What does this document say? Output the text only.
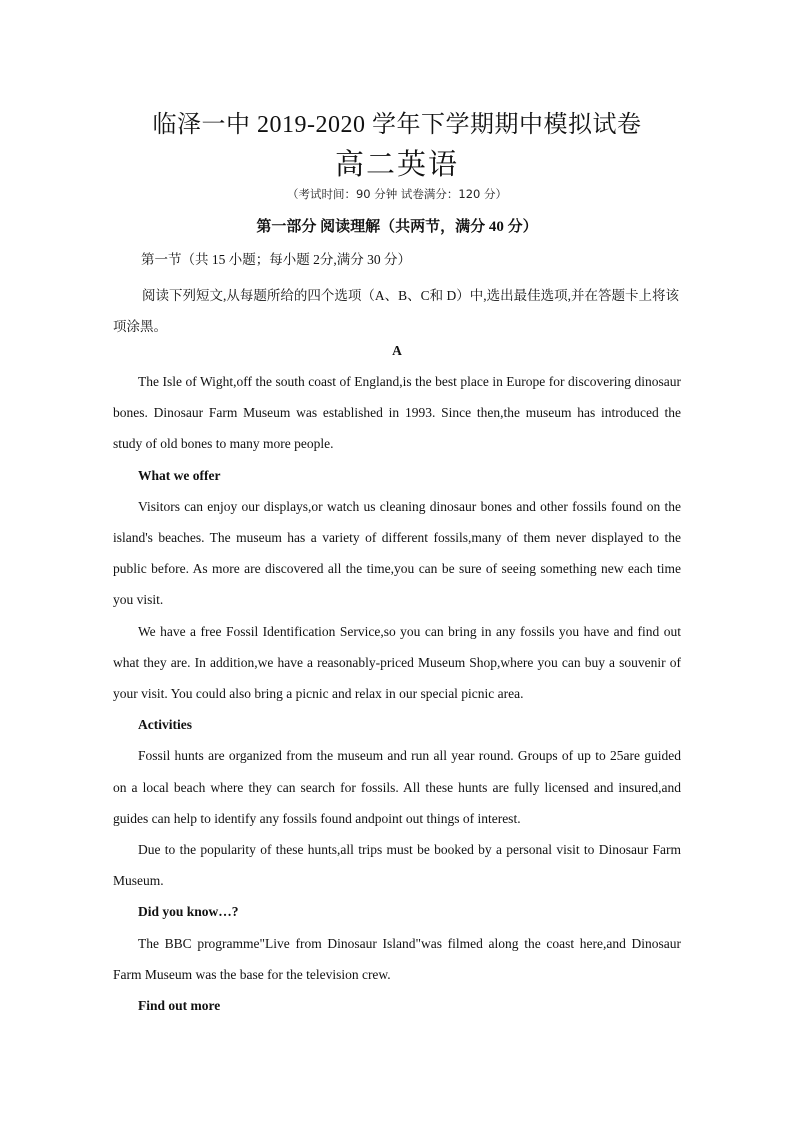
临泽一中 2019-2020 学年下学期期中模拟试卷
高二英语
（考试时间：90 分钟 试卷满分：120 分）
第一部分 阅读理解（共两节，满分 40 分）
第一节（共 15 小题；每小题 2分,满分 30 分）
阅读下列短文,从每题所给的四个选项（A、B、C和 D）中,选出最佳选项,并在答题卡上将该项涂黑。
A

The Isle of Wight,off the south coast of England,is the best place in Europe for discovering dinosaur bones. Dinosaur Farm Museum was established in 1993. Since then,the museum has introduced the study of old bones to many more people.

What we offer

Visitors can enjoy our displays,or watch us cleaning dinosaur bones and other fossils found on the island's beaches. The museum has a variety of different fossils,many of them never displayed to the public before. As more are discovered all the time,you can be sure of seeing something new each time you visit.

We have a free Fossil Identification Service,so you can bring in any fossils you have and find out what they are. In addition,we have a reasonably-priced Museum Shop,where you can buy a souvenir of your visit. You could also bring a picnic and relax in our special picnic area.

Activities

Fossil hunts are organized from the museum and run all year round. Groups of up to 25are guided on a local beach where they can search for fossils. All these hunts are fully licensed and insured,and guides can help to identify any fossils found andpoint out things of interest.

Due to the popularity of these hunts,all trips must be booked by a personal visit to Dinosaur Farm Museum.

Did you know…?

The BBC programme"Live from Dinosaur Island"was filmed along the coast here,and Dinosaur Farm Museum was the base for the television crew.

Find out more
